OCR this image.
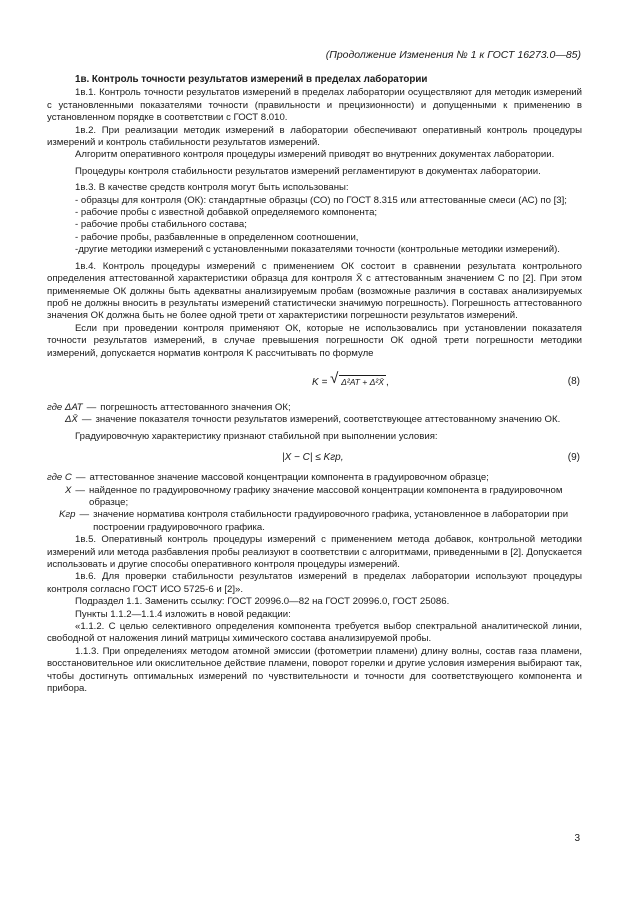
(Продолжение Изменения № 1 к ГОСТ 16273.0—85)

1в. Контроль точности результатов измерений в пределах лаборатории

1в.1. Контроль точности результатов измерений в пределах лаборатории осуществляют для методик измерений с установленными показателями точности (правильности и прецизионности) и допущенными к применению в установленном порядке в соответствии с ГОСТ 8.010.

1в.2. При реализации методик измерений в лаборатории обеспечивают оперативный контроль процедуры измерений и контроль стабильности результатов измерений.

Алгоритм оперативного контроля процедуры измерений приводят во внутренних документах лаборатории.

Процедуры контроля стабильности результатов измерений регламентируют в документах лаборатории.

1в.3. В качестве средств контроля могут быть использованы:

- образцы для контроля (ОК): стандартные образцы (СО) по ГОСТ 8.315 или аттестованные смеси (АС) по [3];

- рабочие пробы с известной добавкой определяемого компонента;

- рабочие пробы стабильного состава;

- рабочие пробы, разбавленные в определенном соотношении,

-другие методики измерений с установленными показателями точности (контрольные методики измерений).

1в.4. Контроль процедуры измерений с применением ОК состоит в сравнении результата контрольного определения аттестованной характеристики образца для контроля X̄ с аттестованным значением C по [2]. При этом применяемые ОК должны быть адекватны анализируемым пробам (возможные различия в составах анализируемых проб не должны вносить в результаты измерений статистически значимую погрешность). Погрешность аттестованного значения ОК должна быть не более одной трети от характеристики погрешности результатов измерений.

Если при проведении контроля применяют ОК, которые не использовались при установлении показателя точности результатов измерений, в случае превышения погрешности ОК одной трети погрешности методики измерений, допускается норматив контроля K рассчитывать по формуле

K = √ Δ²АТ + Δ²X̄ ,	(8)
где ΔАТ — погрешность аттестованного значения ОК;
ΔX̄ — значение показателя точности результатов измерений, соответствующее аттестованному значению ОК.

Градуировочную характеристику признают стабильной при выполнении условия:

|X − C| ≤ Kгр,	(9)
где C — аттестованное значение массовой концентрации компонента в градуировочном образце;
X — найденное по градуировочному графику значение массовой концентрации компонента в градуировочном образце;
Kгр — значение норматива контроля стабильности градуировочного графика, установленное в лаборатории при построении градуировочного графика.

1в.5. Оперативный контроль процедуры измерений с применением метода добавок, контрольной методики измерений или метода разбавления пробы реализуют в соответствии с алгоритмами, приведенными в [2]. Допускается использовать и другие способы оперативного контроля процедуры измерений.

1в.6. Для проверки стабильности результатов измерений в пределах лаборатории используют процедуры контроля согласно ГОСТ ИСО 5725-6 и [2]».

Подраздел 1.1. Заменить ссылку: ГОСТ 20996.0—82 на ГОСТ 20996.0, ГОСТ 25086.

Пункты 1.1.2—1.1.4 изложить в новой редакции:

«1.1.2. С целью селективного определения компонента требуется выбор спектральной аналитической линии, свободной от наложения линий матрицы химического состава анализируемой пробы.

1.1.3. При определениях методом атомной эмиссии (фотометрии пламени) длину волны, состав газа пламени, восстановительное или окислительное действие пламени, поворот горелки и другие условия измерения выбирают так, чтобы достигнуть оптимальных измерений по чувствительности и точности для соответствующего компонента и прибора.

3
